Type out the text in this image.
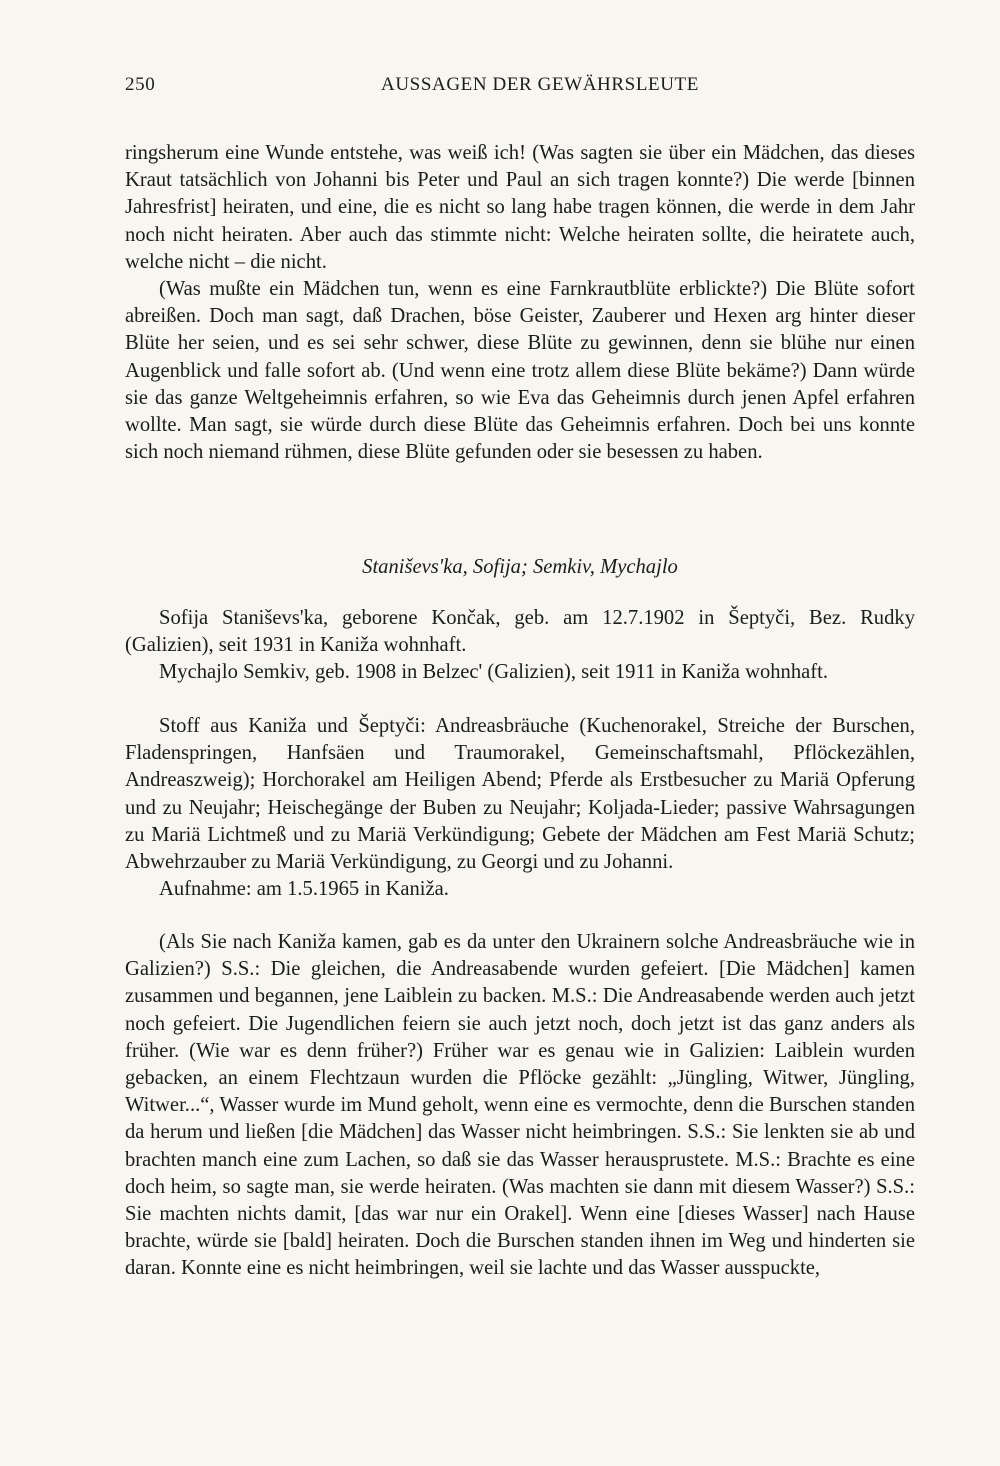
250	AUSSAGEN DER GEWÄHRSLEUTE

ringsherum eine Wunde entstehe, was weiß ich! (Was sagten sie über ein Mädchen, das dieses Kraut tatsächlich von Johanni bis Peter und Paul an sich tragen konnte?) Die werde [binnen Jahresfrist] heiraten, und eine, die es nicht so lang habe tragen können, die werde in dem Jahr noch nicht heiraten. Aber auch das stimmte nicht: Welche heiraten sollte, die heiratete auch, welche nicht – die nicht.

(Was mußte ein Mädchen tun, wenn es eine Farnkrautblüte erblickte?) Die Blüte sofort abreißen. Doch man sagt, daß Drachen, böse Geister, Zauberer und Hexen arg hinter dieser Blüte her seien, und es sei sehr schwer, diese Blüte zu gewinnen, denn sie blühe nur einen Augenblick und falle sofort ab. (Und wenn eine trotz allem diese Blüte bekäme?) Dann würde sie das ganze Weltgeheimnis erfahren, so wie Eva das Geheimnis durch jenen Apfel erfahren wollte. Man sagt, sie würde durch diese Blüte das Geheimnis erfahren. Doch bei uns konnte sich noch niemand rühmen, diese Blüte gefunden oder sie besessen zu haben.

Staniševs'ka, Sofija; Semkiv, Mychajlo

Sofija Staniševs'ka, geborene Končak, geb. am 12.7.1902 in Šeptyči, Bez. Rudky (Galizien), seit 1931 in Kaniža wohnhaft.

Mychajlo Semkiv, geb. 1908 in Belzec' (Galizien), seit 1911 in Kaniža wohnhaft.

Stoff aus Kaniža und Šeptyči: Andreasbräuche (Kuchenorakel, Streiche der Burschen, Fladenspringen, Hanfsäen und Traumorakel, Gemeinschaftsmahl, Pflöckezählen, Andreaszweig); Horchorakel am Heiligen Abend; Pferde als Erstbesucher zu Mariä Opferung und zu Neujahr; Heischegänge der Buben zu Neujahr; Koljada-Lieder; passive Wahrsagungen zu Mariä Lichtmeß und zu Mariä Verkündigung; Gebete der Mädchen am Fest Mariä Schutz; Abwehrzauber zu Mariä Verkündigung, zu Georgi und zu Johanni.

Aufnahme: am 1.5.1965 in Kaniža.

(Als Sie nach Kaniža kamen, gab es da unter den Ukrainern solche Andreasbräuche wie in Galizien?) S.S.: Die gleichen, die Andreasabende wurden gefeiert. [Die Mädchen] kamen zusammen und begannen, jene Laiblein zu backen. M.S.: Die Andreasabende werden auch jetzt noch gefeiert. Die Jugendlichen feiern sie auch jetzt noch, doch jetzt ist das ganz anders als früher. (Wie war es denn früher?) Früher war es genau wie in Galizien: Laiblein wurden gebacken, an einem Flechtzaun wurden die Pflöcke gezählt: „Jüngling, Witwer, Jüngling, Witwer...“, Wasser wurde im Mund geholt, wenn eine es vermochte, denn die Burschen standen da herum und ließen [die Mädchen] das Wasser nicht heimbringen. S.S.: Sie lenkten sie ab und brachten manch eine zum Lachen, so daß sie das Wasser herausprustete. M.S.: Brachte es eine doch heim, so sagte man, sie werde heiraten. (Was machten sie dann mit diesem Wasser?) S.S.: Sie machten nichts damit, [das war nur ein Orakel]. Wenn eine [dieses Wasser] nach Hause brachte, würde sie [bald] heiraten. Doch die Burschen standen ihnen im Weg und hinderten sie daran. Konnte eine es nicht heimbringen, weil sie lachte und das Wasser ausspuckte,
